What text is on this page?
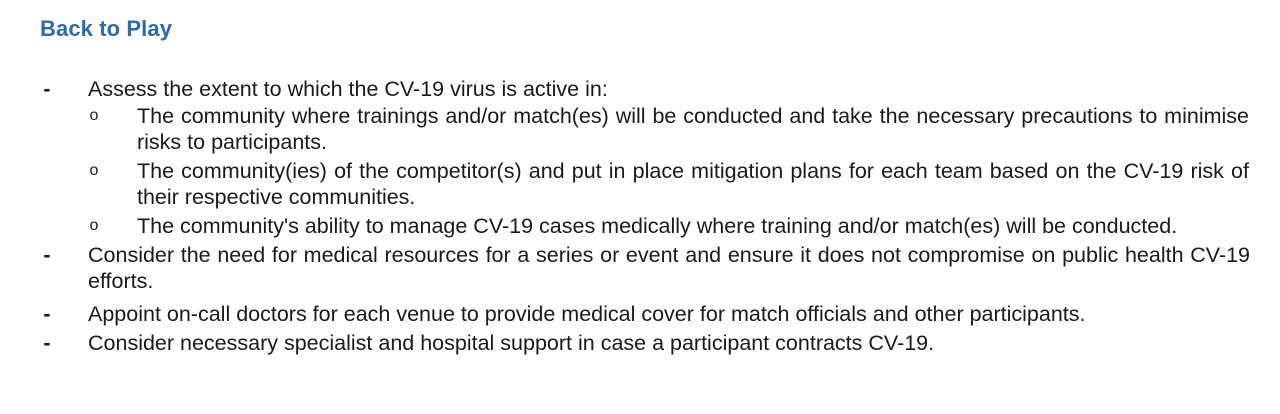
Back to Play
- Assess the extent to which the CV-19 virus is active in:
o The community where trainings and/or match(es) will be conducted and take the necessary precautions to minimise risks to participants.
o The community(ies) of the competitor(s) and put in place mitigation plans for each team based on the CV-19 risk of their respective communities.
o The community's ability to manage CV-19 cases medically where training and/or match(es) will be conducted.
- Consider the need for medical resources for a series or event and ensure it does not compromise on public health CV-19 efforts.
- Appoint on-call doctors for each venue to provide medical cover for match officials and other participants.
- Consider necessary specialist and hospital support in case a participant contracts CV-19.
